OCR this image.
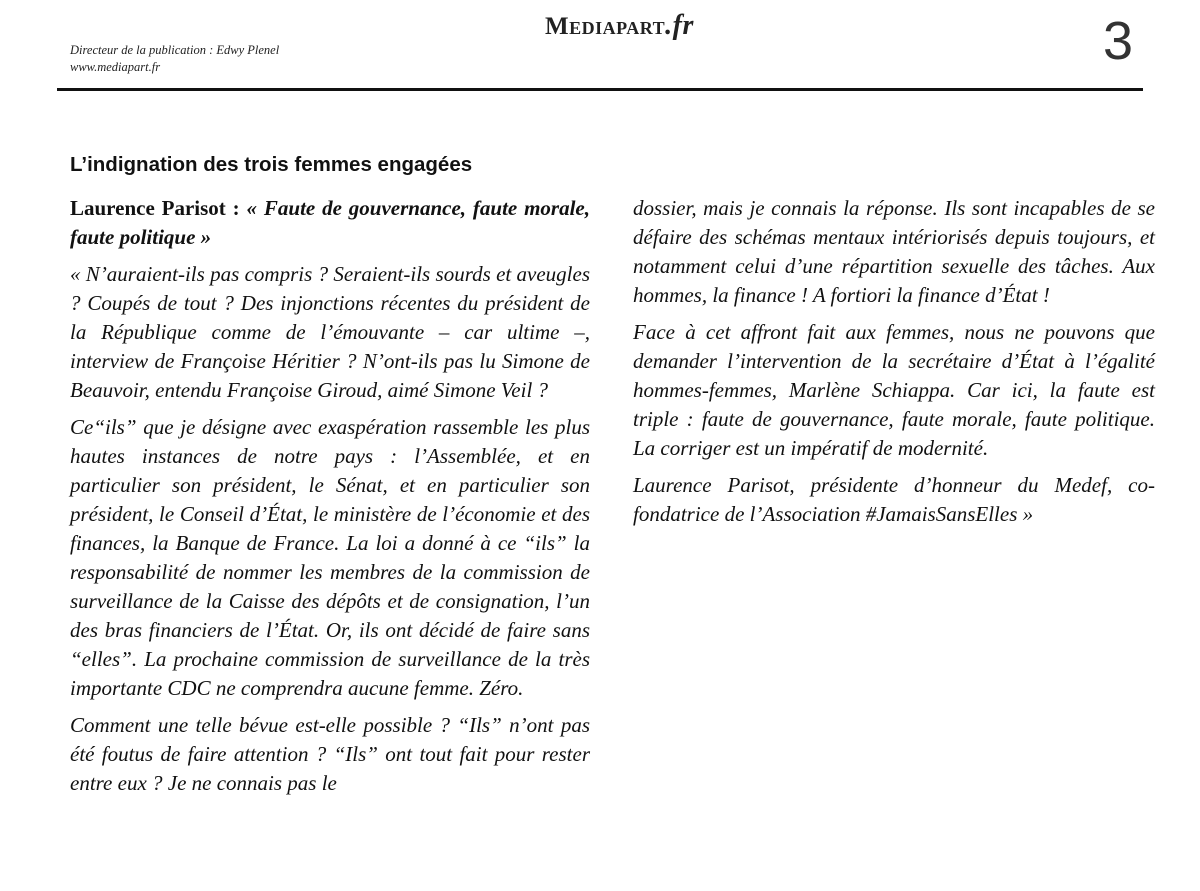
Directeur de la publication : Edwy Plenel
www.mediapart.fr
Mediapart.fr	3
L’indignation des trois femmes engagées

Laurence Parisot : « Faute de gouvernance, faute morale, faute politique »

« N’auraient-ils pas compris ? Seraient-ils sourds et aveugles ? Coupés de tout ? Des injonctions récentes du président de la République comme de l’émouvante – car ultime –, interview de Françoise Héritier ? N’ont-ils pas lu Simone de Beauvoir, entendu Françoise Giroud, aimé Simone Veil ?

Ce“ils” que je désigne avec exaspération rassemble les plus hautes instances de notre pays : l’Assemblée, et en particulier son président, le Sénat, et en particulier son président, le Conseil d’État, le ministère de l’économie et des finances, la Banque de France. La loi a donné à ce “ils” la responsabilité de nommer les membres de la commission de surveillance de la Caisse des dépôts et de consignation, l’un des bras financiers de l’État. Or, ils ont décidé de faire sans “elles”. La prochaine commission de surveillance de la très importante CDC ne comprendra aucune femme. Zéro.

Comment une telle bévue est-elle possible ? “Ils” n’ont pas été foutus de faire attention ? “Ils” ont tout fait pour rester entre eux ? Je ne connais pas le

dossier, mais je connais la réponse. Ils sont incapables de se défaire des schémas mentaux intériorisés depuis toujours, et notamment celui d’une répartition sexuelle des tâches. Aux hommes, la finance ! A fortiori la finance d’État !

Face à cet affront fait aux femmes, nous ne pouvons que demander l’intervention de la secrétaire d’État à l’égalité hommes-femmes, Marlène Schiappa. Car ici, la faute est triple : faute de gouvernance, faute morale, faute politique. La corriger est un impératif de modernité.

Laurence Parisot, présidente d’honneur du Medef, co-fondatrice de l’Association #JamaisSansElles »
